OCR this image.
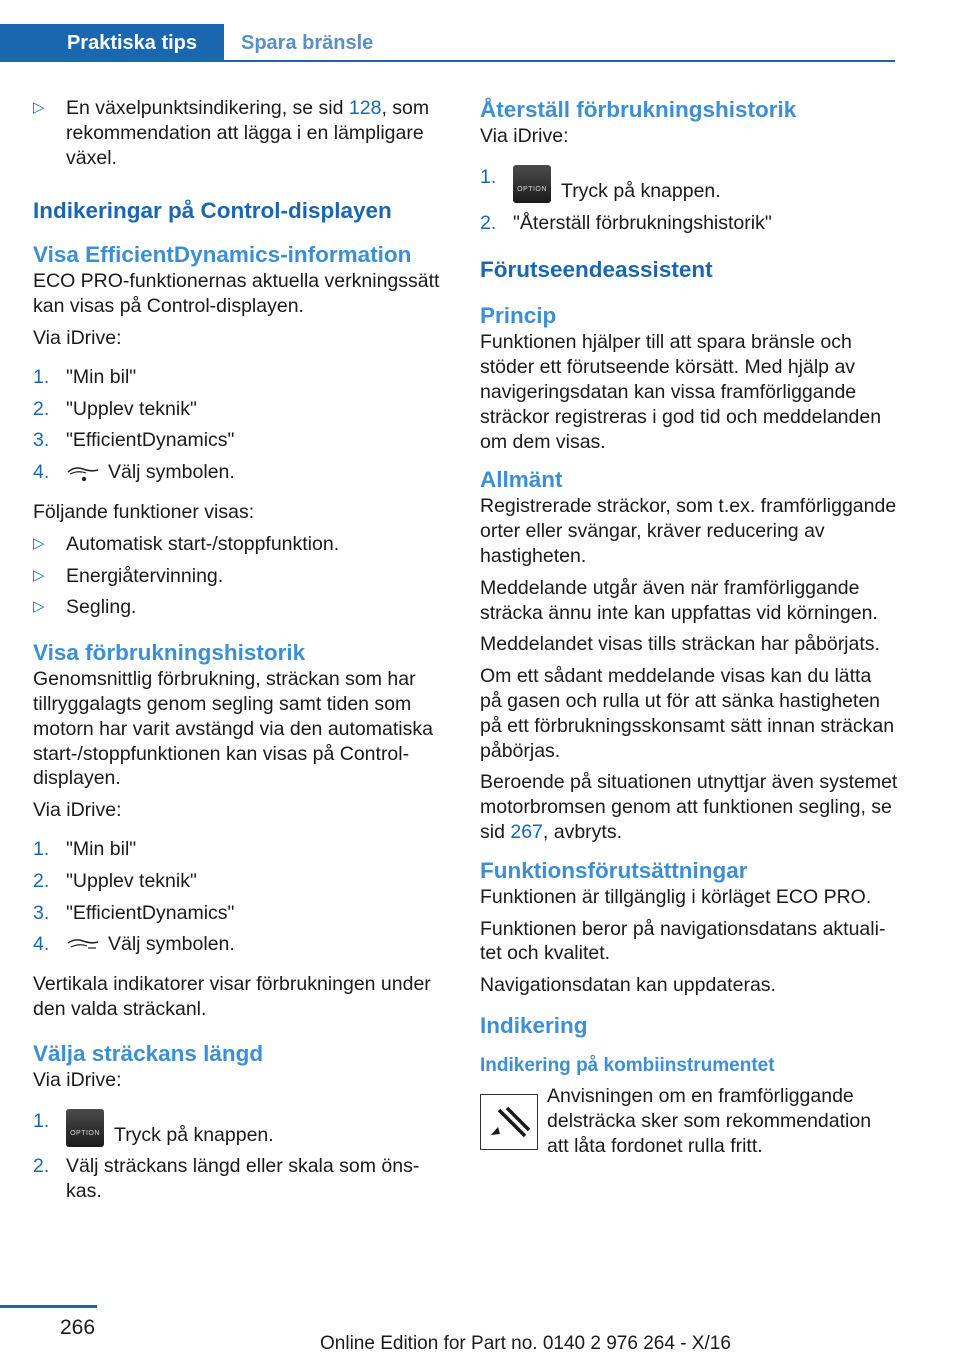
Praktiska tips Spara bränsle
▷	En växelpunktsindikering, se sid 128, som rekommendation att lägga i en lämpligare växel.
Indikeringar på Control-displayen
Visa EfficientDynamics-information
ECO PRO-funktionernas aktuella verkningssätt kan visas på Control-displayen.
Via iDrive:
1. "Min bil"
2. "Upplev teknik"
3. "EfficientDynamics"
4.	Välj symbolen.
Följande funktioner visas:
▷	Automatisk start-/stoppfunktion.
▷	Energiåtervinning.
▷	Segling.
Visa förbrukningshistorik
Genomsnittlig förbrukning, sträckan som har tillryggalagts genom segling samt tiden som motorn har varit avstängd via den automatiska start-/stoppfunktionen kan visas på Control-displayen.
Via iDrive:
1. "Min bil"
2. "Upplev teknik"
3. "EfficientDynamics"
4.	Välj symbolen.
Vertikala indikatorer visar förbrukningen under den valda sträckanl.
Välja sträckans längd
Via iDrive:
1.
OPTION Tryck på knappen.
2. Välj sträckans längd eller skala som önskas.
Återställ förbrukningshistorik
Via iDrive:
1.
OPTION Tryck på knappen.
2. "Återställ förbrukningshistorik"
Förutseendeassistent
Princip
Funktionen hjälper till att spara bränsle och stöder ett förutseende körsätt. Med hjälp av navigeringsdatan kan vissa framförliggande sträckor registreras i god tid och meddelanden om dem visas.
Allmänt
Registrerade sträckor, som t.ex. framförliggande orter eller svängar, kräver reducering av hastigheten.
Meddelande utgår även när framförliggande sträcka ännu inte kan uppfattas vid körningen.
Meddelandet visas tills sträckan har påbörjats.
Om ett sådant meddelande visas kan du lätta på gasen och rulla ut för att sänka hastigheten på ett förbrukningsskonsamt sätt innan sträckan påbörjas.
Beroende på situationen utnyttjar även systemet motorbromsen genom att funktionen segling, se sid 267, avbryts.
Funktionsförutsättningar
Funktionen är tillgänglig i körläget ECO PRO.
Funktionen beror på navigationsdatans aktualitet och kvalitet.
Navigationsdatan kan uppdateras.
Indikering
Indikering på kombiinstrumentet
Anvisningen om en framförliggande delsträcka sker som rekommendation att låta fordonet rulla fritt.
266
Online Edition for Part no. 0140 2 976 264 - X/16
